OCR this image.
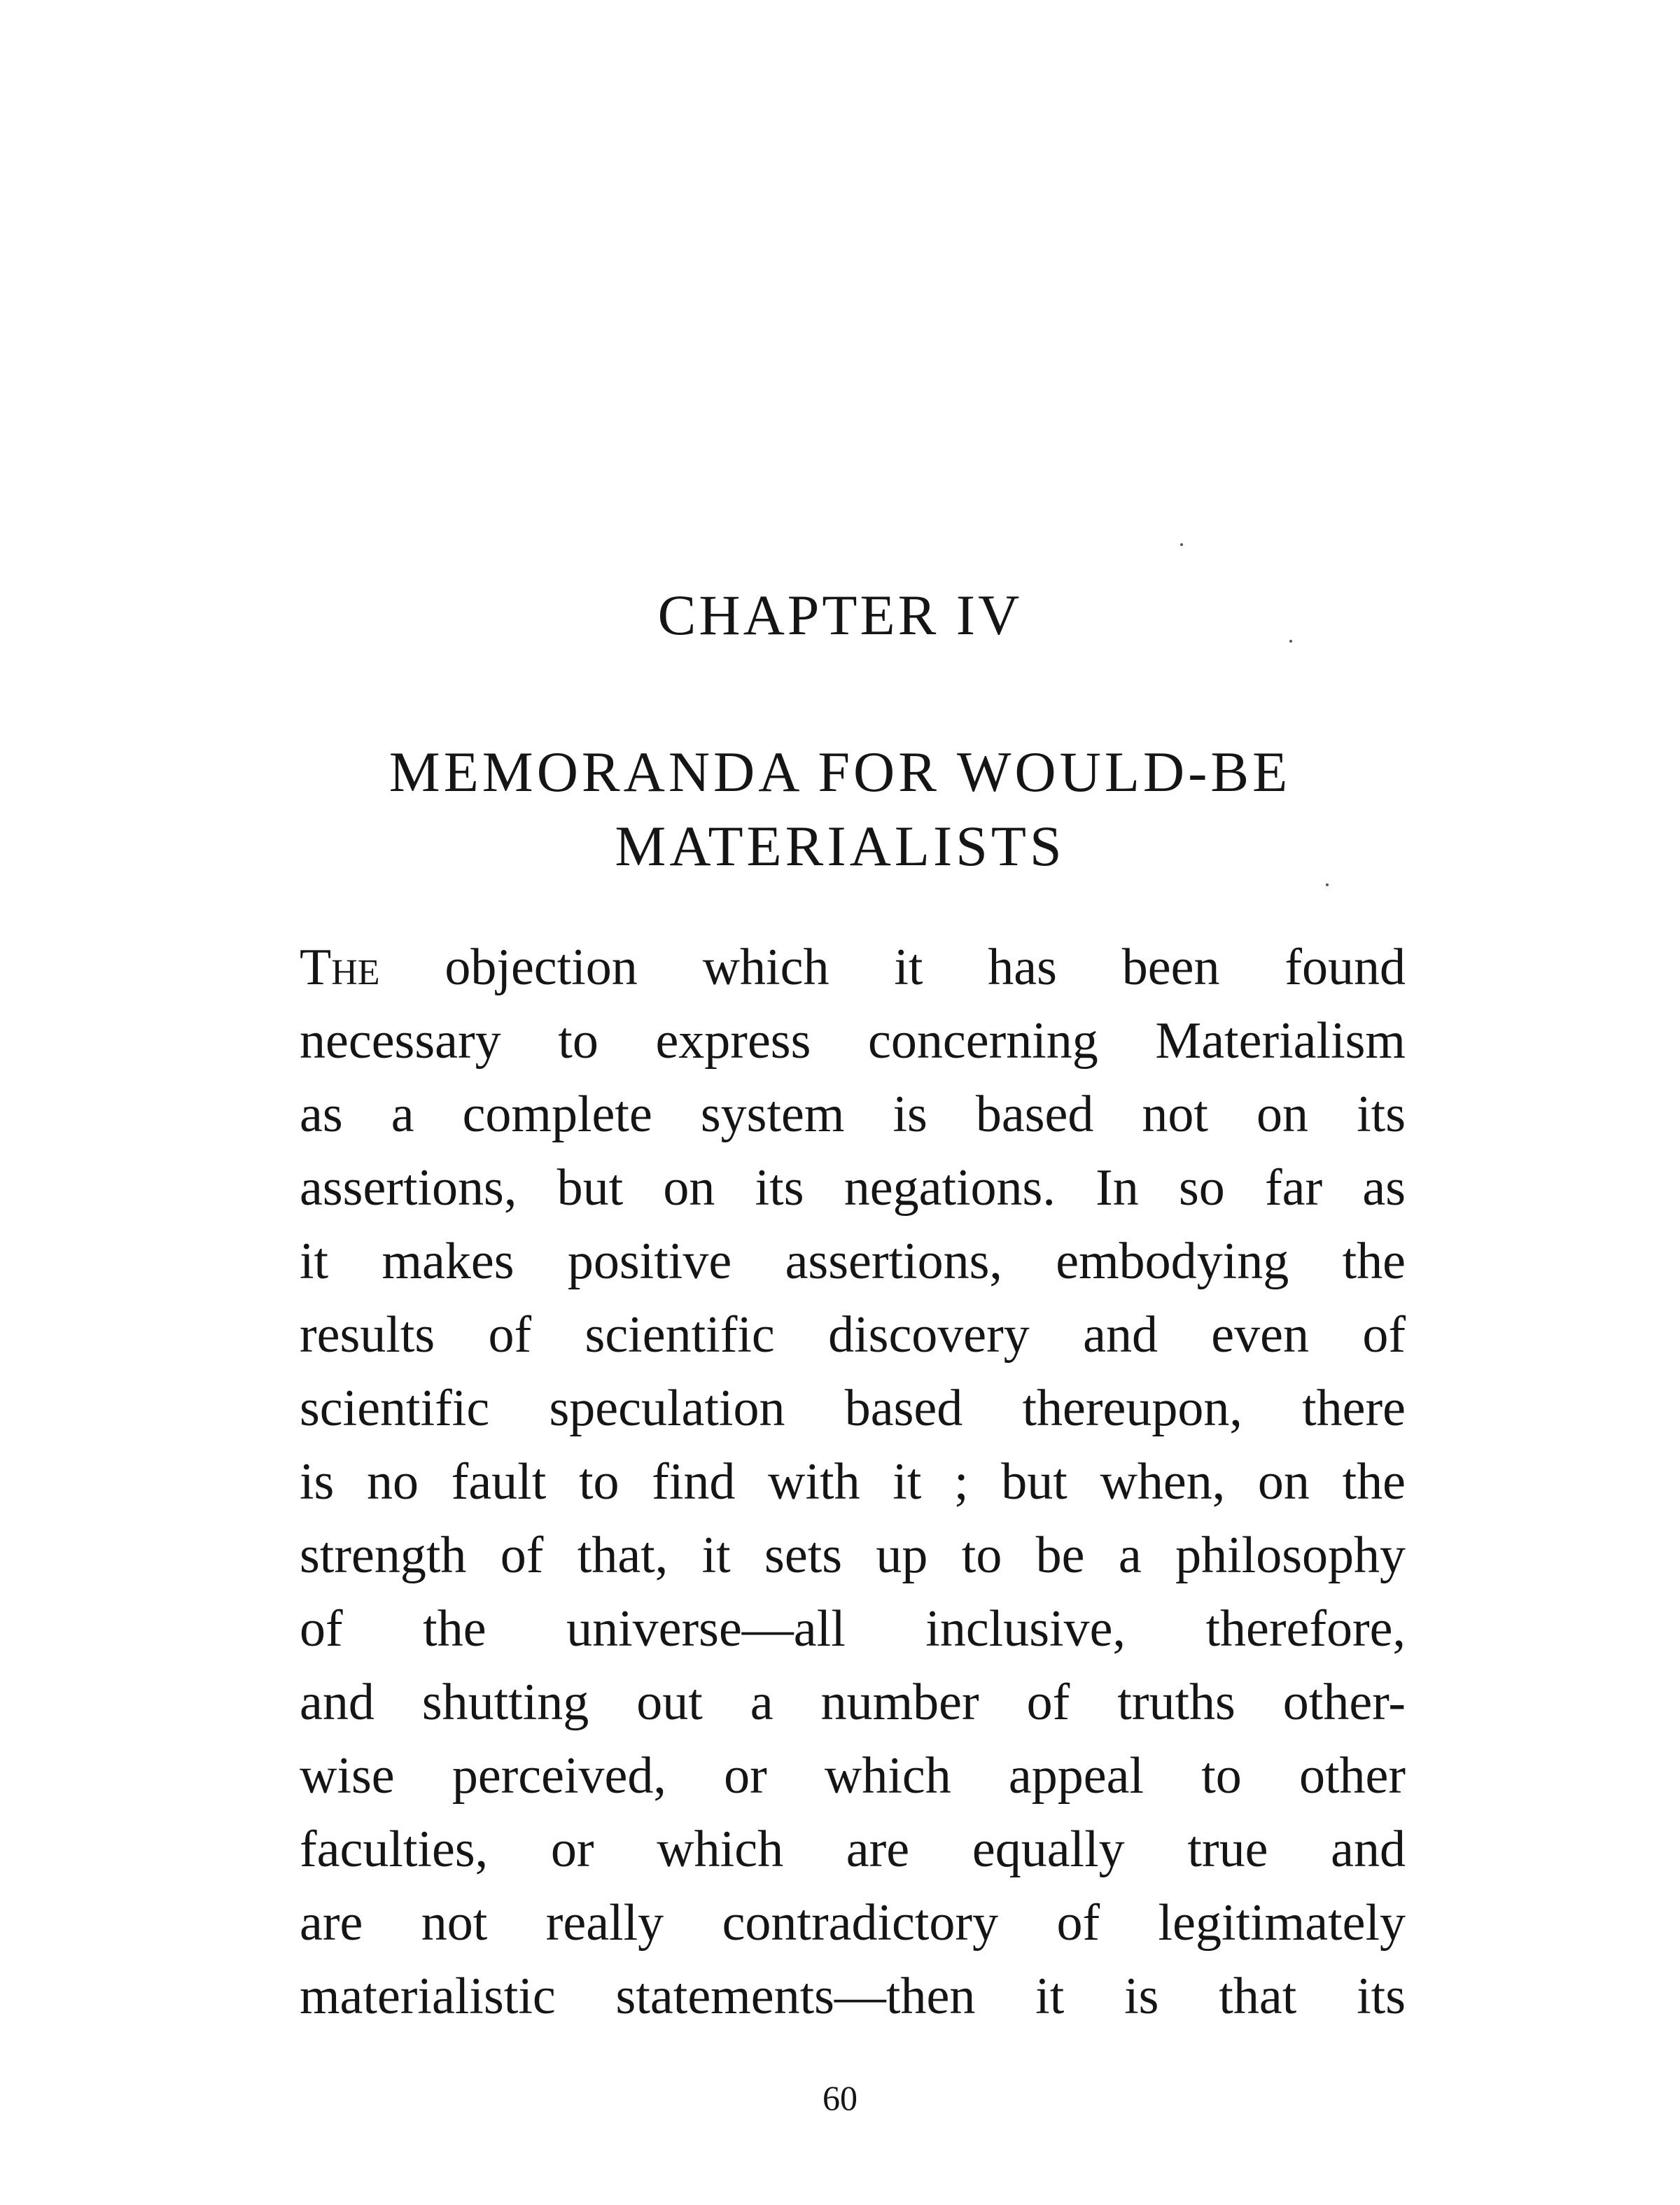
CHAPTER IV
MEMORANDA FOR WOULD-BE
MATERIALISTS
The objection which it has been found
necessary to express concerning Materialism
as a complete system is based not on its
assertions, but on its negations. In so far as
it makes positive assertions, embodying the
results of scientific discovery and even of
scientific speculation based thereupon, there
is no fault to find with it ; but when, on the
strength of that, it sets up to be a philosophy
of the universe—all inclusive, therefore,
and shutting out a number of truths other-
wise perceived, or which appeal to other
faculties, or which are equally true and
are not really contradictory of legitimately
materialistic statements—then it is that its
60
